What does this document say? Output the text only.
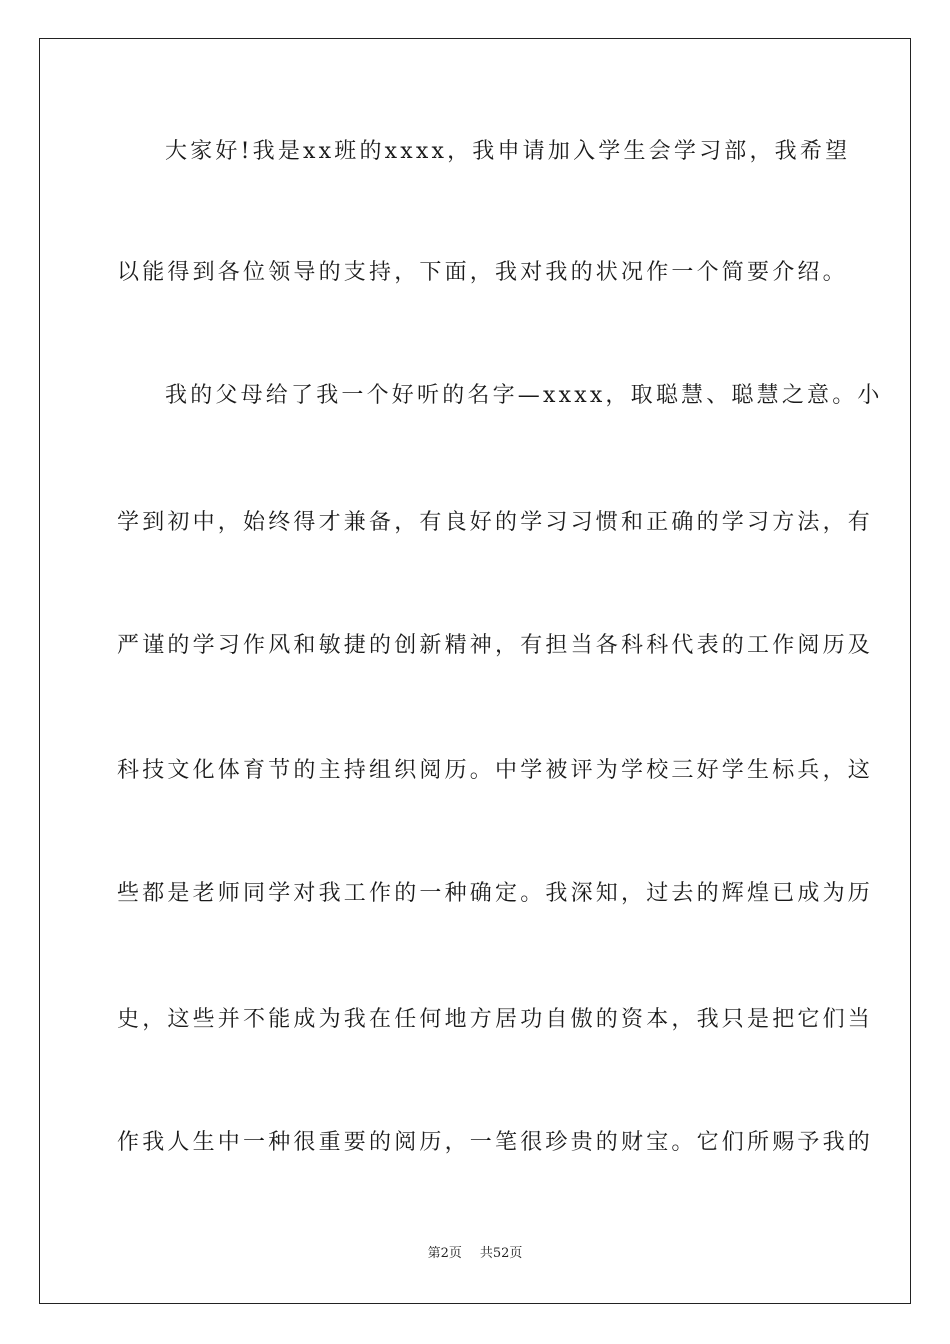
大家好!我是xx班的xxxx，我申请加入学生会学习部，我希望
以能得到各位领导的支持，下面，我对我的状况作一个简要介绍。
我的父母给了我一个好听的名字—xxxx，取聪慧、聪慧之意。小
学到初中，始终得才兼备，有良好的学习习惯和正确的学习方法，有
严谨的学习作风和敏捷的创新精神，有担当各科科代表的工作阅历及
科技文化体育节的主持组织阅历。中学被评为学校三好学生标兵，这
些都是老师同学对我工作的一种确定。我深知，过去的辉煌已成为历
史，这些并不能成为我在任何地方居功自傲的资本，我只是把它们当
作我人生中一种很重要的阅历，一笔很珍贵的财宝。它们所赐予我的
第2页 共52页
